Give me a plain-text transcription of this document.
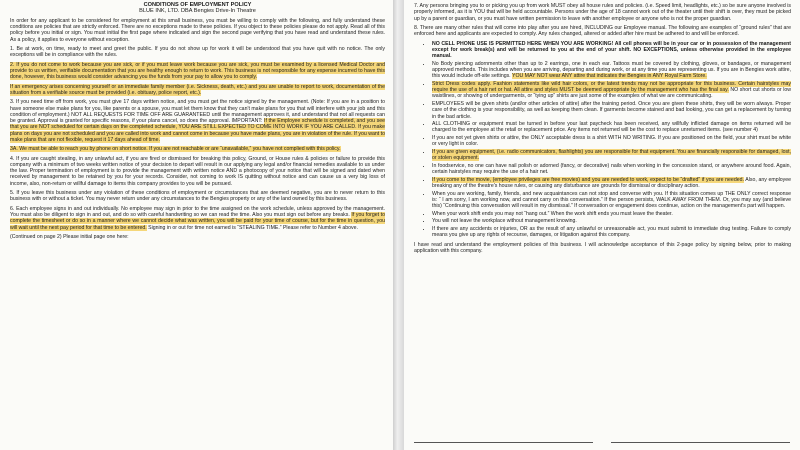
CONDITIONS OF EMPLOYMENT POLICY

BLUE INK, LTD. DBA Bengies Drive-In Theatre

In order for any applicant to be considered for employment at this small business, you must be willing to comply with the following, and fully understand these conditions are policies that are strictly enforced. There are no exceptions made to these policies. If you object to these policies please do not apply. Read all of this policy before you initial or sign. You must initial the first page where indicated and sign the second page verifying that you have read and understand these rules. As a policy, it applies to everyone without exception.

1. Be at work, on time, ready to meet and greet the public. If you do not show up for work it will be understood that you have quit with no notice. The only exceptions will be in compliance with the rules.

2. If you do not come to work because you are sick, or if you must leave work because you are sick, you must be examined by a licensed Medical Doctor and provide to us written, verifiable documentation that you are healthy enough to return to work. This business is not responsible for any expense incurred to have this done, however, this business would consider advancing you the funds from your pay to allow you to comply.

If an emergency arises concerning yourself or an immediate family member (i.e. Sickness, death, etc.) and you are unable to report to work, documentation of the situation from a verifiable source must be provided (i.e. obituary, police report, etc.).

3. If you need time off from work, you must give 17 days written notice, and you must get the notice signed by the management. (Note: If you are in a position to have someone else make plans for you, like parents or a spouse, you must let them know that they can't make plans for you that will interfere with your job and this condition of employment.) NOT ALL REQUESTS FOR TIME OFF ARE GUARANTEED until the management approves it, and understand that not all requests can be granted. Approval is granted for specific reasons, if your plans cancel, so does the approval. IMPORTANT: If the Employee schedule is completed, and you see that you are NOT scheduled for certain days on the completed schedule, YOU ARE STILL EXPECTED TO COME INTO WORK IF YOU ARE CALLED. If you make plans on days you are not scheduled and you are called into work and cannot come in because you have made plans, you are in violation of the rule. If you want to make plans that are not flexible, request it 17 days ahead of time.

3A. We must be able to reach you by phone on short notice. If you are not reachable or are “unavailable,” you have not complied with this policy.

4. If you are caught stealing, in any unlawful act, if you are fired or dismissed for breaking this policy, Ground, or House rules & policies or failure to provide this company with a minimum of two weeks written notice of your decision to depart will result in our applying any legal and/or financial remedies available to us under the law. Proper termination of employment is to provide the management with written notice AND a photocopy of your notice that will be signed and dated when received by management to be retained by you for your records. Consider, not coming to work IS quitting without notice and can cause us a very big loss of income, also, non-return or willful damage to items this company provides to you will be pursued.

5. If you leave this business under any violation of these conditions of employment or circumstances that are deemed negative, you are to never return to this business with or without a ticket. You may never return under any circumstances to the Bengies property or any of the land owned by this business.

6. Each employee signs in and out individually. No employee may sign in prior to the time assigned on the work schedule, unless approved by the management. You must also be diligent to sign in and out, and do so with careful handwriting so we can read the time. Also you must sign out before any breaks. If you forget to complete the timesheet or do so in a manner where we cannot decide what was written, you will be paid for your time of course, but for the time in question, you will wait until the next pay period for that time to be entered. Signing in or out for time not earned is “STEALING TIME.” Please refer to Number 4 above.

(Continued on page 2) Please initial page one here:

7. Any persons bringing you to or picking you up from work MUST obey all house rules and policies. (i.e. Speed limit, headlights, etc.) so be sure anyone involved is properly informed, as it is YOU that will be held accountable. Persons under the age of 18 cannot work out of the theater until their shift is over, they must be picked up by a parent or guardian, or you must have written permission to leave with another employee or anyone who is not the proper guardian.

8. There are many other rules that will come into play after you are hired, INCLUDING our Employee manual. The following are examples of “ground rules” that are enforced here and applicants are expected to comply. Any rules changed, altered or added after hire must be adhered to and will be enforced.

• NO CELL PHONE USE IS PERMITTED HERE WHEN YOU ARE WORKING! All cell phones will be in your car or in possession of the management except for work break(s) and will be returned to you at the end of your shift. NO EXCEPTIONS, unless otherwise provided in the employee manual.
• No Body piercing adornments other than up to 2 earrings, one in each ear. Tattoos must be covered by clothing, gloves, or bandages, or management approved methods. This includes when you are arriving, departing and during work, or at any time you are representing us. If you are in Bengies work attire, this would include off-site settings. YOU MAY NOT wear ANY attire that indicates the Bengies in ANY Royal Farm Store.
• Strict Dress codes apply. Fashion statements like wild hair colors, or the latest trends may not be appropriate for this business. Certain hairstyles may require the use of a hair net or hat. All attire and styles MUST be deemed appropriate by the management who has the final say. NO short cut shorts or low waistlines, or showing of undergarments, or “tying up” shirts are just some of the examples of what we are communicating.
• EMPLOYEES will be given shirts (and/or other articles of attire) after the training period. Once you are given these shirts, they will be worn always. Proper care of the clothing is your responsibility, as well as keeping them clean. If garments become stained and bad looking, you can get a replacement by turning in the bad article.
• ALL CLOTHING or equipment must be turned in before your last paycheck has been received, any willfully inflicted damage on items returned will be charged to the employee at the retail or replacement price. Any items not returned will be the cost to replace unreturned items. (see number 4)
• If you are not yet given shirts or attire, the ONLY acceptable dress is a shirt WITH NO WRITING. If you are positioned on the field, your shirt must be white or very light in color.
• If you are given equipment, (i.e. radio communicators, flashlights) you are responsible for that equipment. You are financially responsible for damaged, lost, or stolen equipment.
• In foodservice, no one can have nail polish or adorned (fancy, or decorative) nails when working in the concession stand, or anywhere around food. Again, certain hairstyles may require the use of a hair net.
• If you come to the movie, (employee privileges are free movies) and you are needed to work, expect to be “drafted” if you are needed. Also, any employee breaking any of the theatre's house rules, or causing any disturbance are grounds for dismissal or disciplinary action.
• When you are working, family, friends, and new acquaintances can not stop and converse with you. If this situation comes up THE ONLY correct response is: “ I am sorry, I am working now, and cannot carry on this conversation.” If the person persists, WALK AWAY FROM THEM. Or, you may say (and believe this) “Continuing this conversation will result in my dismissal.” If conversation or engagement does continue, action on the management's part will happen.
• When your work shift ends you may not “hang out.” When the work shift ends you must leave the theater.
• You will not leave the workplace without management knowing.
• If there are any accidents or injuries, OR as the result of any unlawful or unreasonable act, you must submit to immediate drug testing. Failure to comply means you give up any rights of recourse, damages, or litigation against this company.

I have read and understand the employment policies of this business. I will acknowledge acceptance of this 2-page policy by signing below, prior to making application with this company.
